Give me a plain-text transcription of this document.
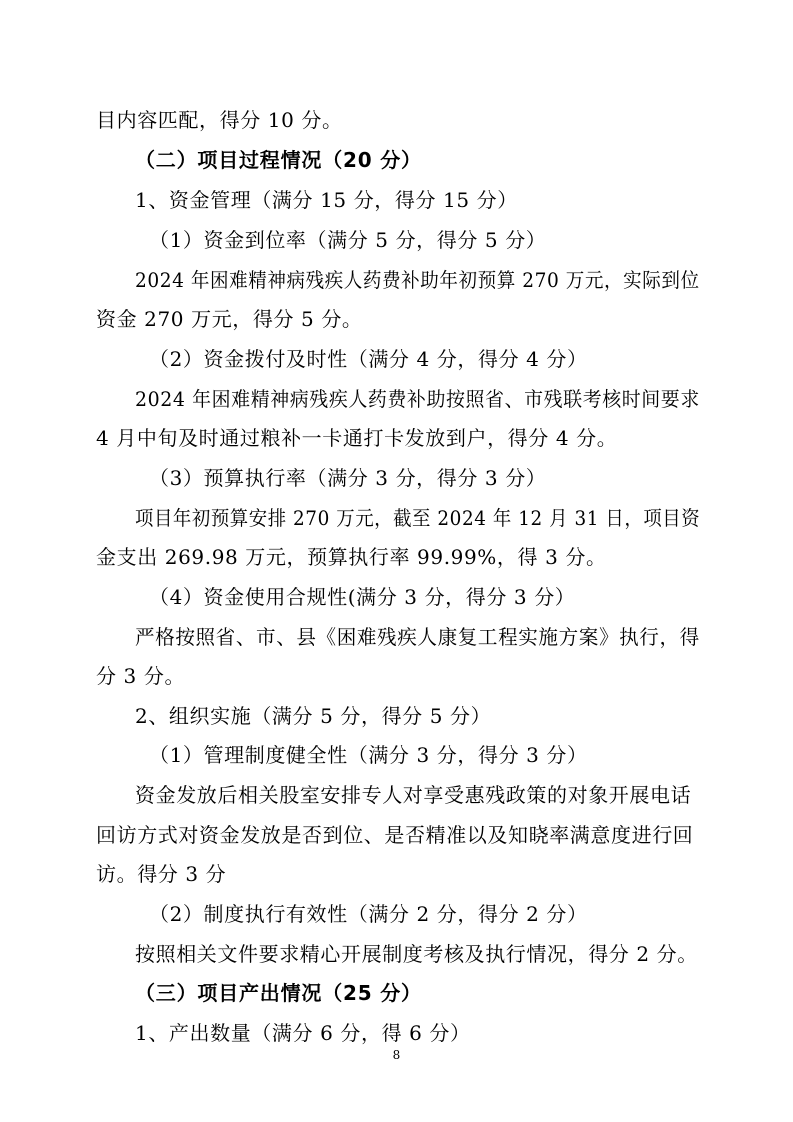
目内容匹配，得分 10 分。
（二）项目过程情况（20 分）
1、资金管理（满分 15 分，得分 15 分）
（1）资金到位率（满分 5 分，得分 5 分）
2024 年困难精神病残疾人药费补助年初预算 270 万元，实际到位
资金 270 万元，得分 5 分。
（2）资金拨付及时性（满分 4 分，得分 4 分）
2024 年困难精神病残疾人药费补助按照省、市残联考核时间要求
4 月中旬及时通过粮补一卡通打卡发放到户，得分 4 分。
（3）预算执行率（满分 3 分，得分 3 分）
项目年初预算安排 270 万元，截至 2024 年 12 月 31 日，项目资
金支出 269.98 万元，预算执行率 99.99%，得 3 分。
（4）资金使用合规性(满分 3 分，得分 3 分）
严格按照省、市、县《困难残疾人康复工程实施方案》执行，得
分 3 分。
2、组织实施（满分 5 分，得分 5 分）
（1）管理制度健全性（满分 3 分，得分 3 分）
资金发放后相关股室安排专人对享受惠残政策的对象开展电话
回访方式对资金发放是否到位、是否精准以及知晓率满意度进行回
访。得分 3 分
（2）制度执行有效性（满分 2 分，得分 2 分）
按照相关文件要求精心开展制度考核及执行情况，得分 2 分。
（三）项目产出情况（25 分）
1、产出数量（满分 6 分，得 6 分）
8
